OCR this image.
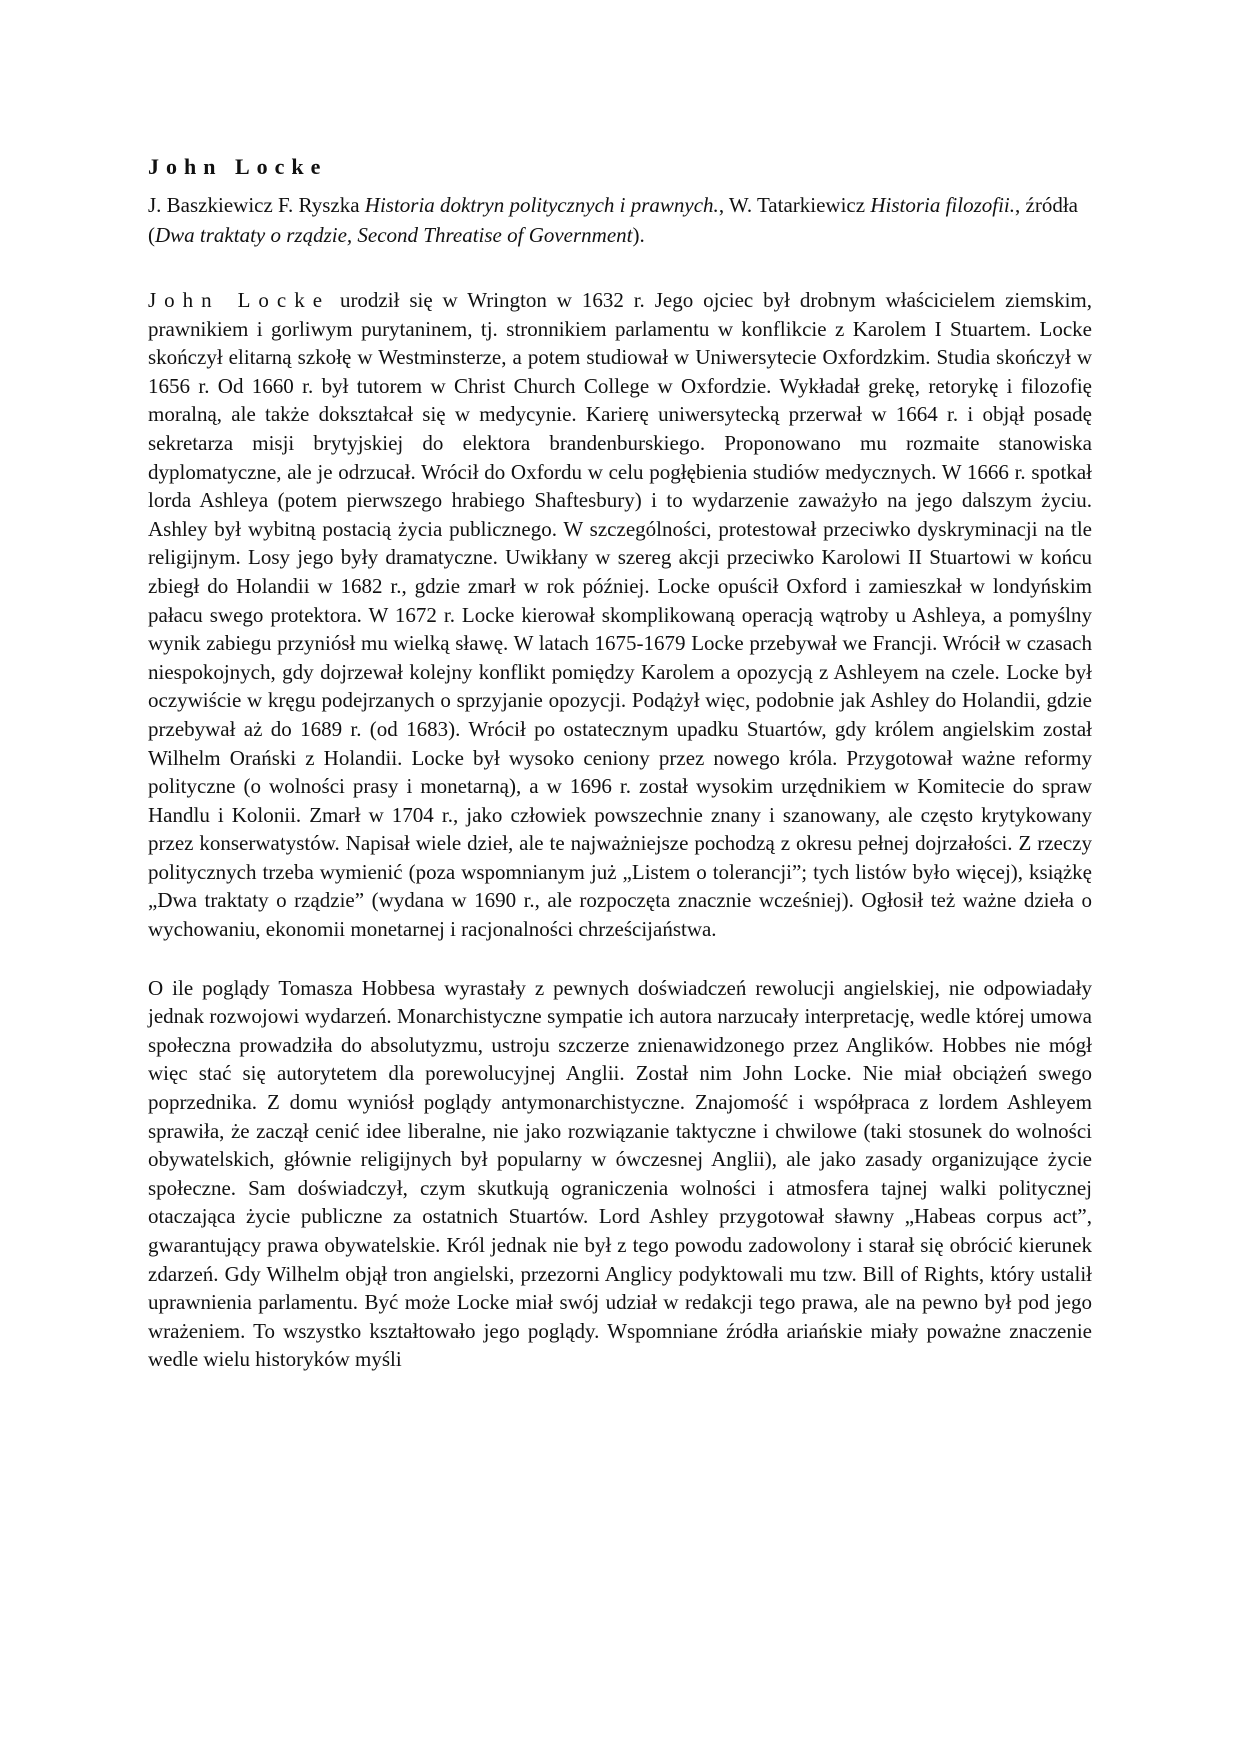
John Locke

J. Baszkiewicz F. Ryszka Historia doktryn politycznych i prawnych., W. Tatarkiewicz Historia filozofii., źródła (Dwa traktaty o rządzie, Second Threatise of Government).

John Locke urodził się w Wrington w 1632 r. Jego ojciec był drobnym właścicielem ziemskim, prawnikiem i gorliwym purytaninem, tj. stronnikiem parlamentu w konflikcie z Karolem I Stuartem. Locke skończył elitarną szkołę w Westminsterze, a potem studiował w Uniwersytecie Oxfordzkim. Studia skończył w 1656 r. Od 1660 r. był tutorem w Christ Church College w Oxfordzie. Wykładał grekę, retorykę i filozofię moralną, ale także dokształcał się w medycynie. Karierę uniwersytecką przerwał w 1664 r. i objął posadę sekretarza misji brytyjskiej do elektora brandenburskiego. Proponowano mu rozmaite stanowiska dyplomatyczne, ale je odrzucał. Wrócił do Oxfordu w celu pogłębienia studiów medycznych. W 1666 r. spotkał lorda Ashleya (potem pierwszego hrabiego Shaftesbury) i to wydarzenie zaważyło na jego dalszym życiu. Ashley był wybitną postacią życia publicznego. W szczególności, protestował przeciwko dyskryminacji na tle religijnym. Losy jego były dramatyczne. Uwikłany w szereg akcji przeciwko Karolowi II Stuartowi w końcu zbiegł do Holandii w 1682 r., gdzie zmarł w rok później. Locke opuścił Oxford i zamieszkał w londyńskim pałacu swego protektora. W 1672 r. Locke kierował skomplikowaną operacją wątroby u Ashleya, a pomyślny wynik zabiegu przyniósł mu wielką sławę. W latach 1675-1679 Locke przebywał we Francji. Wrócił w czasach niespokojnych, gdy dojrzewał kolejny konflikt pomiędzy Karolem a opozycją z Ashleyem na czele. Locke był oczywiście w kręgu podejrzanych o sprzyjanie opozycji. Podążył więc, podobnie jak Ashley do Holandii, gdzie przebywał aż do 1689 r. (od 1683). Wrócił po ostatecznym upadku Stuartów, gdy królem angielskim został Wilhelm Orański z Holandii. Locke był wysoko ceniony przez nowego króla. Przygotował ważne reformy polityczne (o wolności prasy i monetarną), a w 1696 r. został wysokim urzędnikiem w Komitecie do spraw Handlu i Kolonii. Zmarł w 1704 r., jako człowiek powszechnie znany i szanowany, ale często krytykowany przez konserwatystów. Napisał wiele dzieł, ale te najważniejsze pochodzą z okresu pełnej dojrzałości. Z rzeczy politycznych trzeba wymienić (poza wspomnianym już „Listem o tolerancji”; tych listów było więcej), książkę „Dwa traktaty o rządzie” (wydana w 1690 r., ale rozpoczęta znacznie wcześniej). Ogłosił też ważne dzieła o wychowaniu, ekonomii monetarnej i racjonalności chrześcijaństwa.

O ile poglądy Tomasza Hobbesa wyrastały z pewnych doświadczeń rewolucji angielskiej, nie odpowiadały jednak rozwojowi wydarzeń. Monarchistyczne sympatie ich autora narzucały interpretację, wedle której umowa społeczna prowadziła do absolutyzmu, ustroju szczerze znienawidzonego przez Anglików. Hobbes nie mógł więc stać się autorytetem dla porewolucyjnej Anglii. Został nim John Locke. Nie miał obciążeń swego poprzednika. Z domu wyniósł poglądy antymonarchistyczne. Znajomość i współpraca z lordem Ashleyem sprawiła, że zaczął cenić idee liberalne, nie jako rozwiązanie taktyczne i chwilowe (taki stosunek do wolności obywatelskich, głównie religijnych był popularny w ówczesnej Anglii), ale jako zasady organizujące życie społeczne. Sam doświadczył, czym skutkują ograniczenia wolności i atmosfera tajnej walki politycznej otaczająca życie publiczne za ostatnich Stuartów. Lord Ashley przygotował sławny „Habeas corpus act”, gwarantujący prawa obywatelskie. Król jednak nie był z tego powodu zadowolony i starał się obrócić kierunek zdarzeń. Gdy Wilhelm objął tron angielski, przezorni Anglicy podyktowali mu tzw. Bill of Rights, który ustalił uprawnienia parlamentu. Być może Locke miał swój udział w redakcji tego prawa, ale na pewno był pod jego wrażeniem. To wszystko kształtowało jego poglądy. Wspomniane źródła ariańskie miały poważne znaczenie wedle wielu historyków myśli
